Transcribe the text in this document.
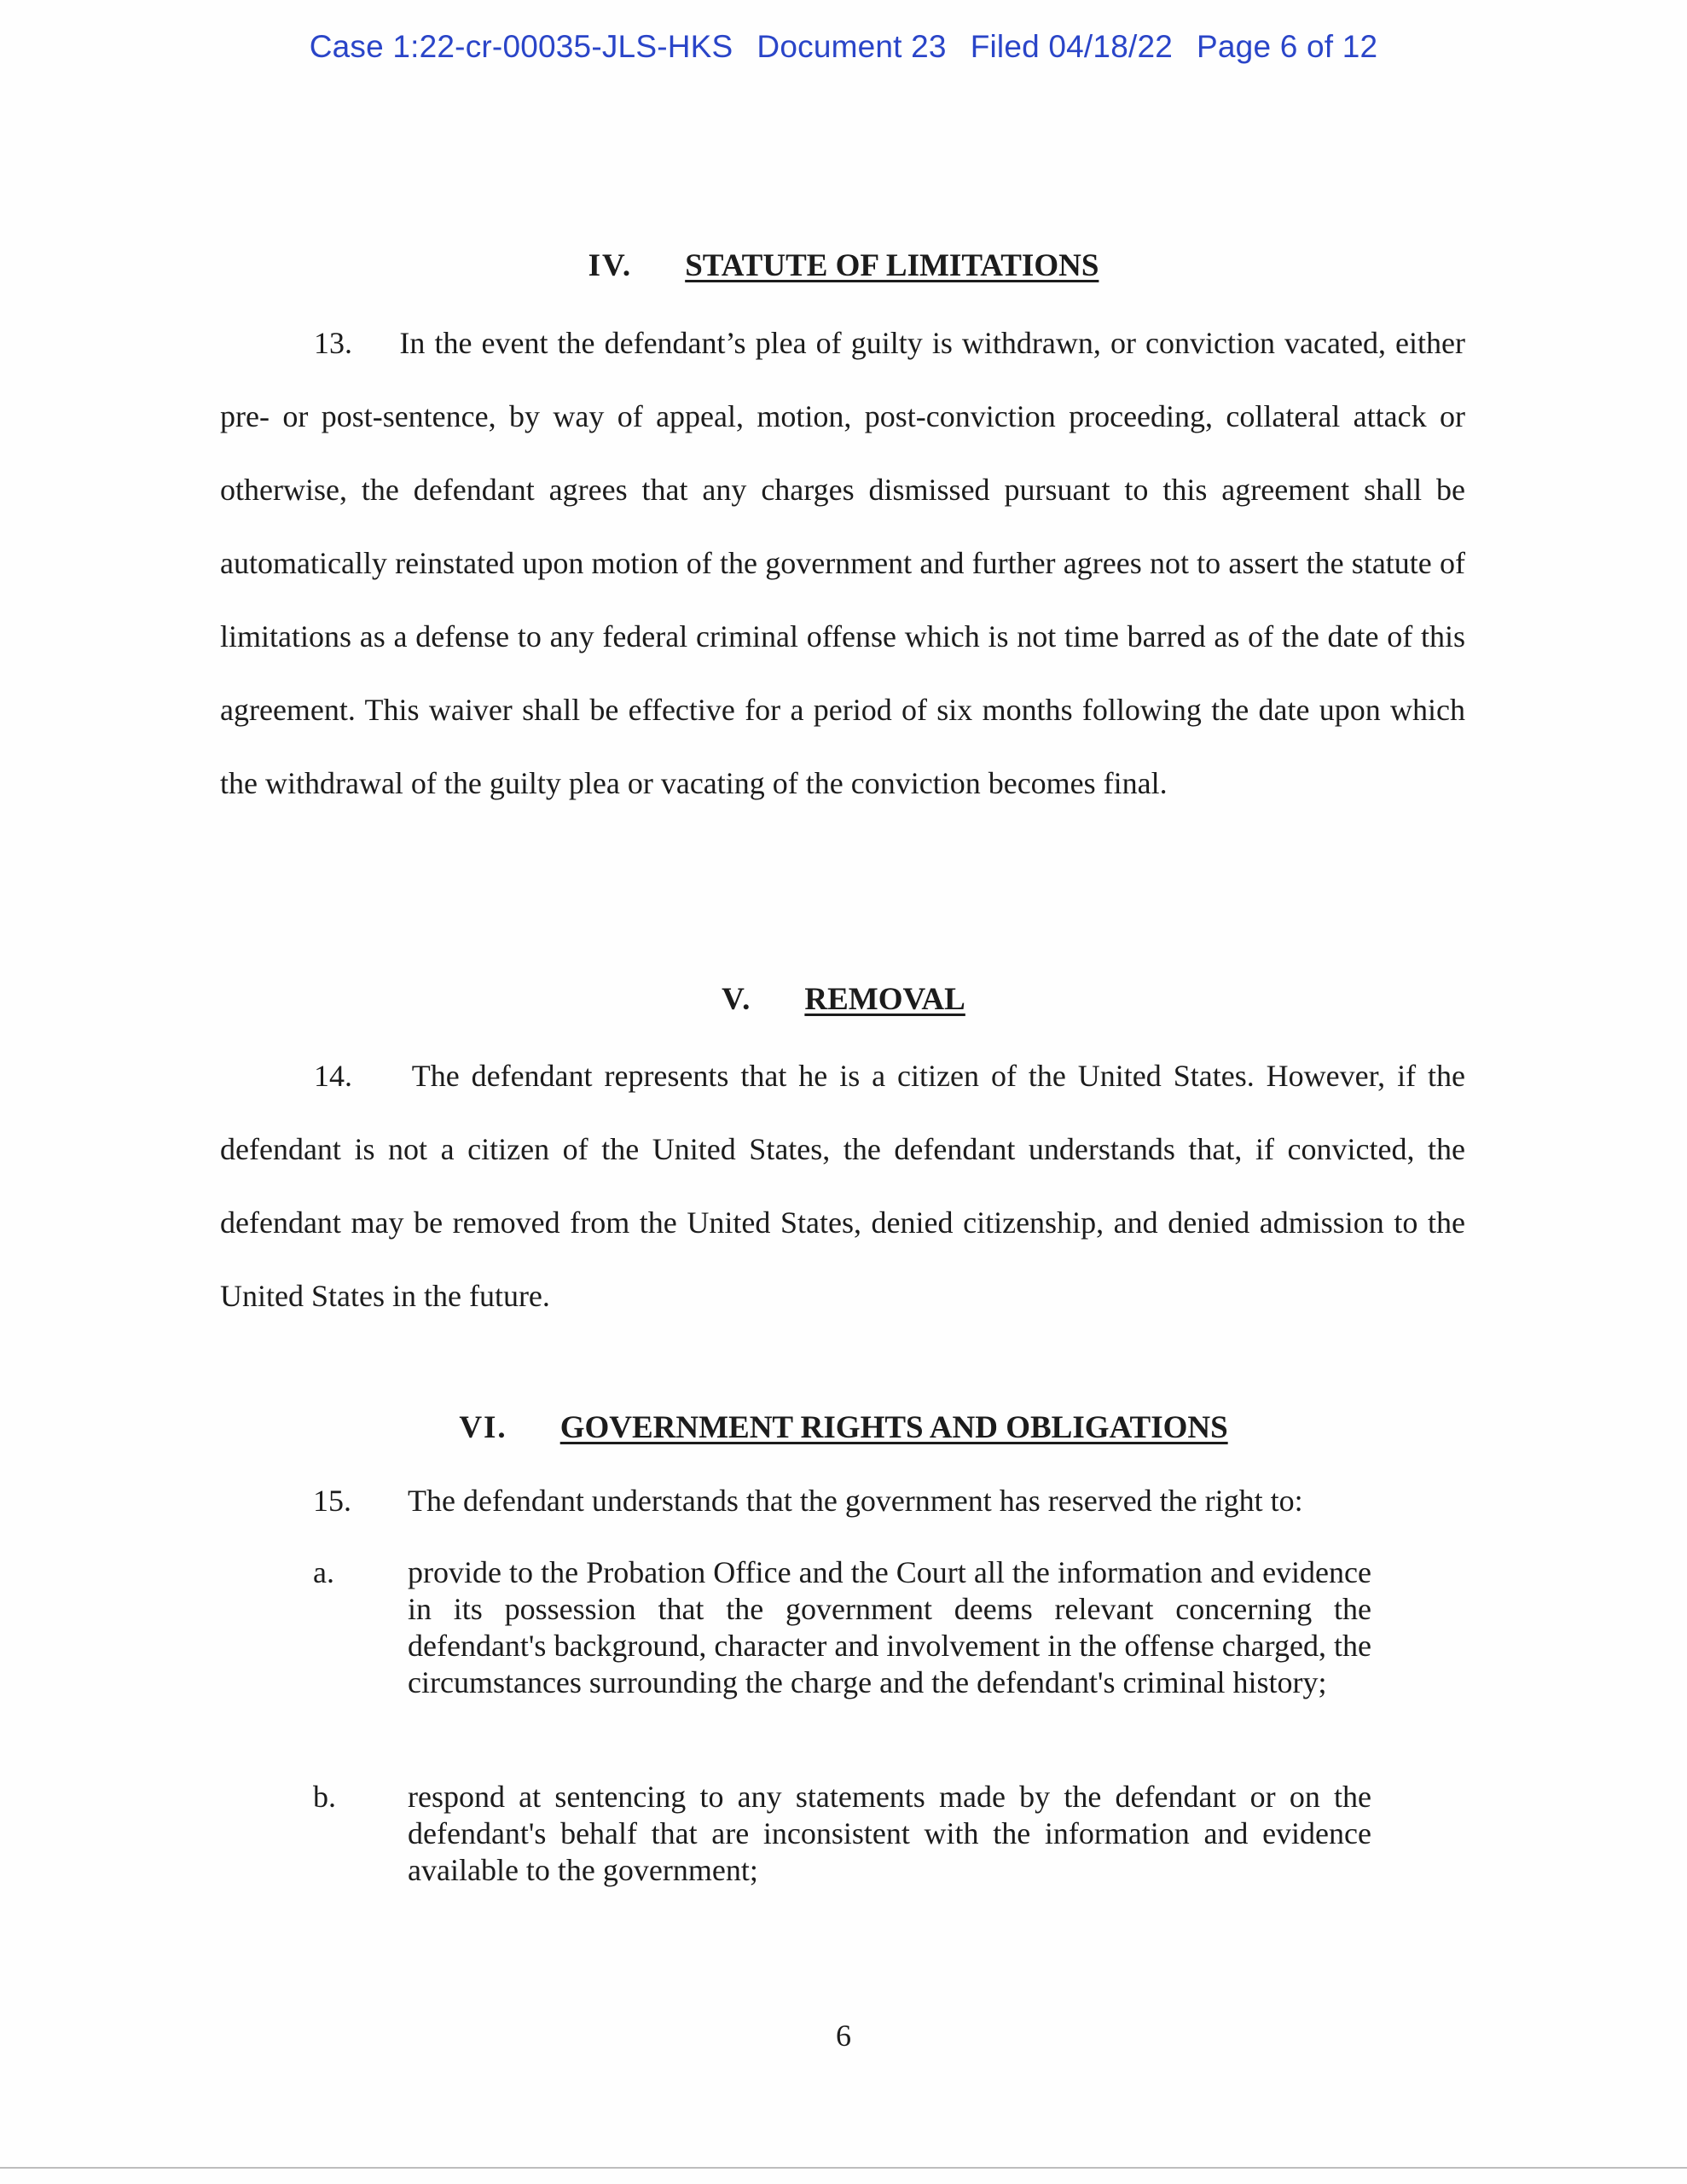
Case 1:22-cr-00035-JLS-HKS Document 23 Filed 04/18/22 Page 6 of 12
IV. STATUTE OF LIMITATIONS

13. In the event the defendant’s plea of guilty is withdrawn, or conviction vacated, either pre- or post-sentence, by way of appeal, motion, post-conviction proceeding, collateral attack or otherwise, the defendant agrees that any charges dismissed pursuant to this agreement shall be automatically reinstated upon motion of the government and further agrees not to assert the statute of limitations as a defense to any federal criminal offense which is not time barred as of the date of this agreement. This waiver shall be effective for a period of six months following the date upon which the withdrawal of the guilty plea or vacating of the conviction becomes final.

V. REMOVAL

14. The defendant represents that he is a citizen of the United States. However, if the defendant is not a citizen of the United States, the defendant understands that, if convicted, the defendant may be removed from the United States, denied citizenship, and denied admission to the United States in the future.

VI. GOVERNMENT RIGHTS AND OBLIGATIONS
15. The defendant understands that the government has reserved the right to:
a. provide to the Probation Office and the Court all the information and evidence in its possession that the government deems relevant concerning the defendant's background, character and involvement in the offense charged, the circumstances surrounding the charge and the defendant's criminal history;

b. respond at sentencing to any statements made by the defendant or on the defendant's behalf that are inconsistent with the information and evidence available to the government;

6
